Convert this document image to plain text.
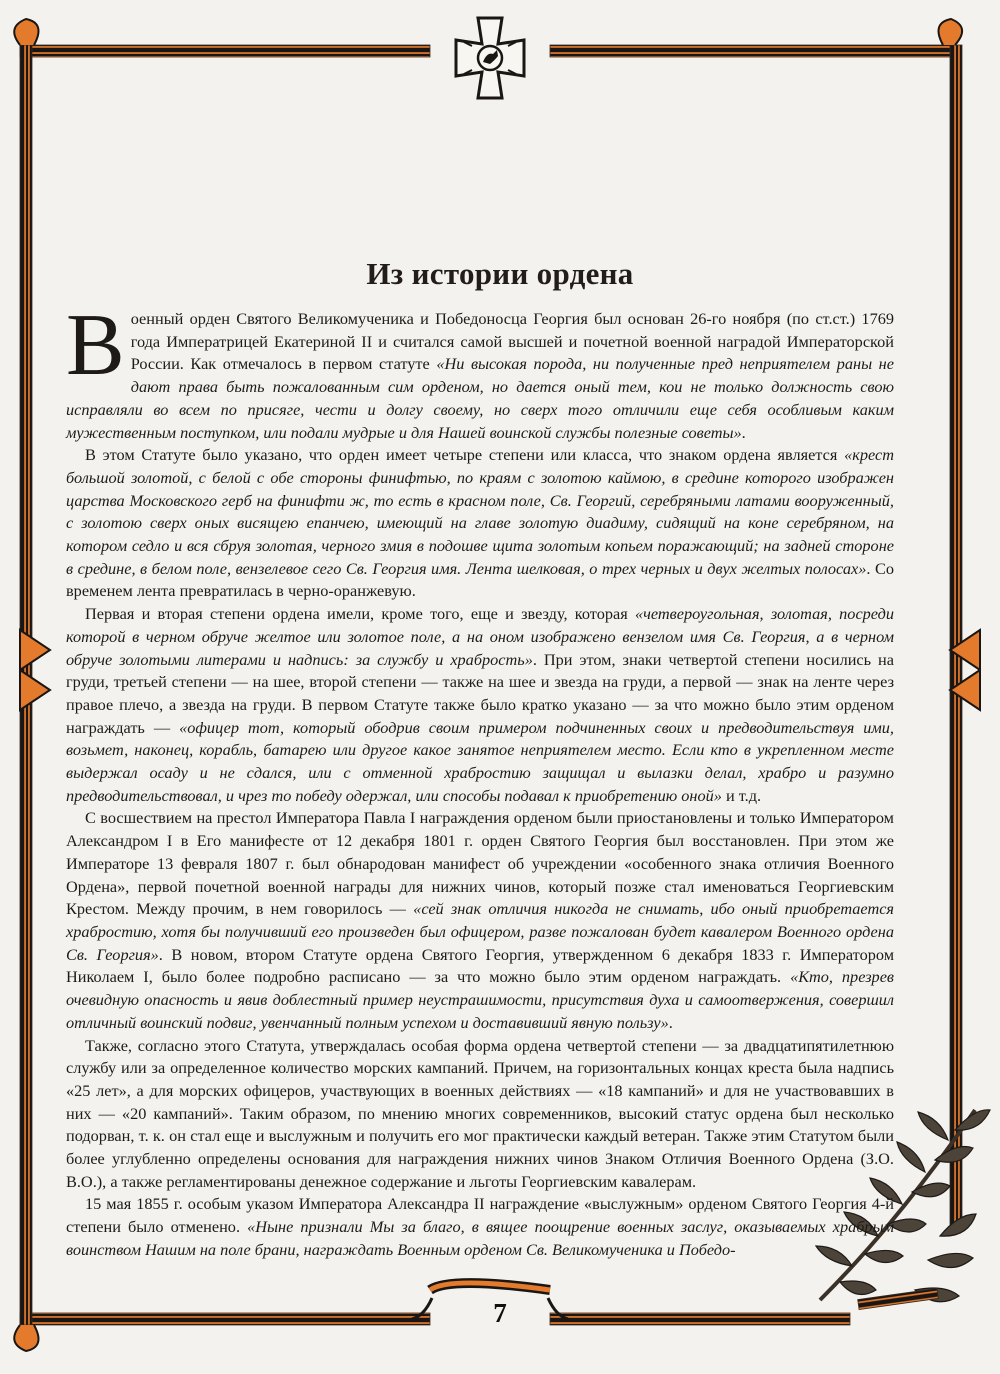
Из истории ордена

Военный орден Святого Великомученика и Победоносца Георгия был основан 26-го ноября (по ст.ст.) 1769 года Императрицей Екатериной II и считался самой высшей и почетной военной наградой Императорской России. Как отмечалось в первом статуте «Ни высокая порода, ни полученные пред неприятелем раны не дают права быть пожалованным сим орденом, но дается оный тем, кои не только должность свою исправляли во всем по присяге, чести и долгу своему, но сверх того отличили еще себя особливым каким мужественным поступком, или подали мудрые и для Нашей воинской службы полезные советы».

В этом Статуте было указано, что орден имеет четыре степени или класса, что знаком ордена является «крест большой золотой, с белой с обе стороны финифтью, по краям с золотою каймою, в средине которого изображен царства Московского герб на финифти ж, то есть в красном поле, Св. Георгий, серебряными латами вооруженный, с золотою сверх оных висящею епанчею, имеющий на главе золотую диадиму, сидящий на коне серебряном, на котором седло и вся сбруя золотая, черного змия в подошве щита золотым копьем поражающий; на задней стороне в средине, в белом поле, вензелевое сего Св. Георгия имя. Лента шелковая, о трех черных и двух желтых полосах». Со временем лента превратилась в черно-оранжевую.

Первая и вторая степени ордена имели, кроме того, еще и звезду, которая «четвероугольная, золотая, посреди которой в черном обруче желтое или золотое поле, а на оном изображено вензелом имя Св. Георгия, а в черном обруче золотыми литерами и надпись: за службу и храбрость». При этом, знаки четвертой степени носились на груди, третьей степени — на шее, второй степени — также на шее и звезда на груди, а первой — знак на ленте через правое плечо, а звезда на груди. В первом Статуте также было кратко указано — за что можно было этим орденом награждать — «офицер тот, который ободрив своим примером подчиненных своих и предводительствуя ими, возьмет, наконец, корабль, батарею или другое какое занятое неприятелем место. Если кто в укрепленном месте выдержал осаду и не сдался, или с отменной храбростию защищал и вылазки делал, храбро и разумно предводительствовал, и чрез то победу одержал, или способы подавал к приобретению оной» и т.д.

С восшествием на престол Императора Павла I награждения орденом были приостановлены и только Императором Александром I в Его манифесте от 12 декабря 1801 г. орден Святого Георгия был восстановлен. При этом же Императоре 13 февраля 1807 г. был обнародован манифест об учреждении «особенного знака отличия Военного Ордена», первой почетной военной награды для нижних чинов, который позже стал именоваться Георгиевским Крестом. Между прочим, в нем говорилось — «сей знак отличия никогда не снимать, ибо оный приобретается храбростию, хотя бы получивший его произведен был офицером, разве пожалован будет кавалером Военного ордена Св. Георгия». В новом, втором Статуте ордена Святого Георгия, утвержденном 6 декабря 1833 г. Императором Николаем I, было более подробно расписано — за что можно было этим орденом награждать. «Кто, презрев очевидную опасность и явив доблестный пример неустрашимости, присутствия духа и самоотвержения, совершил отличный воинский подвиг, увенчанный полным успехом и доставивший явную пользу».

Также, согласно этого Статута, утверждалась особая форма ордена четвертой степени — за двадцатипятилетнюю службу или за определенное количество морских кампаний. Причем, на горизонтальных концах креста была надпись «25 лет», а для морских офицеров, участвующих в военных действиях — «18 кампаний» и для не участвовавших в них — «20 кампаний». Таким образом, по мнению многих современников, высокий статус ордена был несколько подорван, т. к. он стал еще и выслужным и получить его мог практически каждый ветеран. Также этим Статутом были более углубленно определены основания для награждения нижних чинов Знаком Отличия Военного Ордена (З.О. В.О.), а также регламентированы денежное содержание и льготы Георгиевским кавалерам.

15 мая 1855 г. особым указом Императора Александра II награждение «выслужным» орденом Святого Георгия 4-й степени было отменено. «Ныне признали Мы за благо, в вящее поощрение военных заслуг, оказываемых храбрым воинством Нашим на поле брани, награждать Военным орденом Св. Великомученика и Победо-

7
